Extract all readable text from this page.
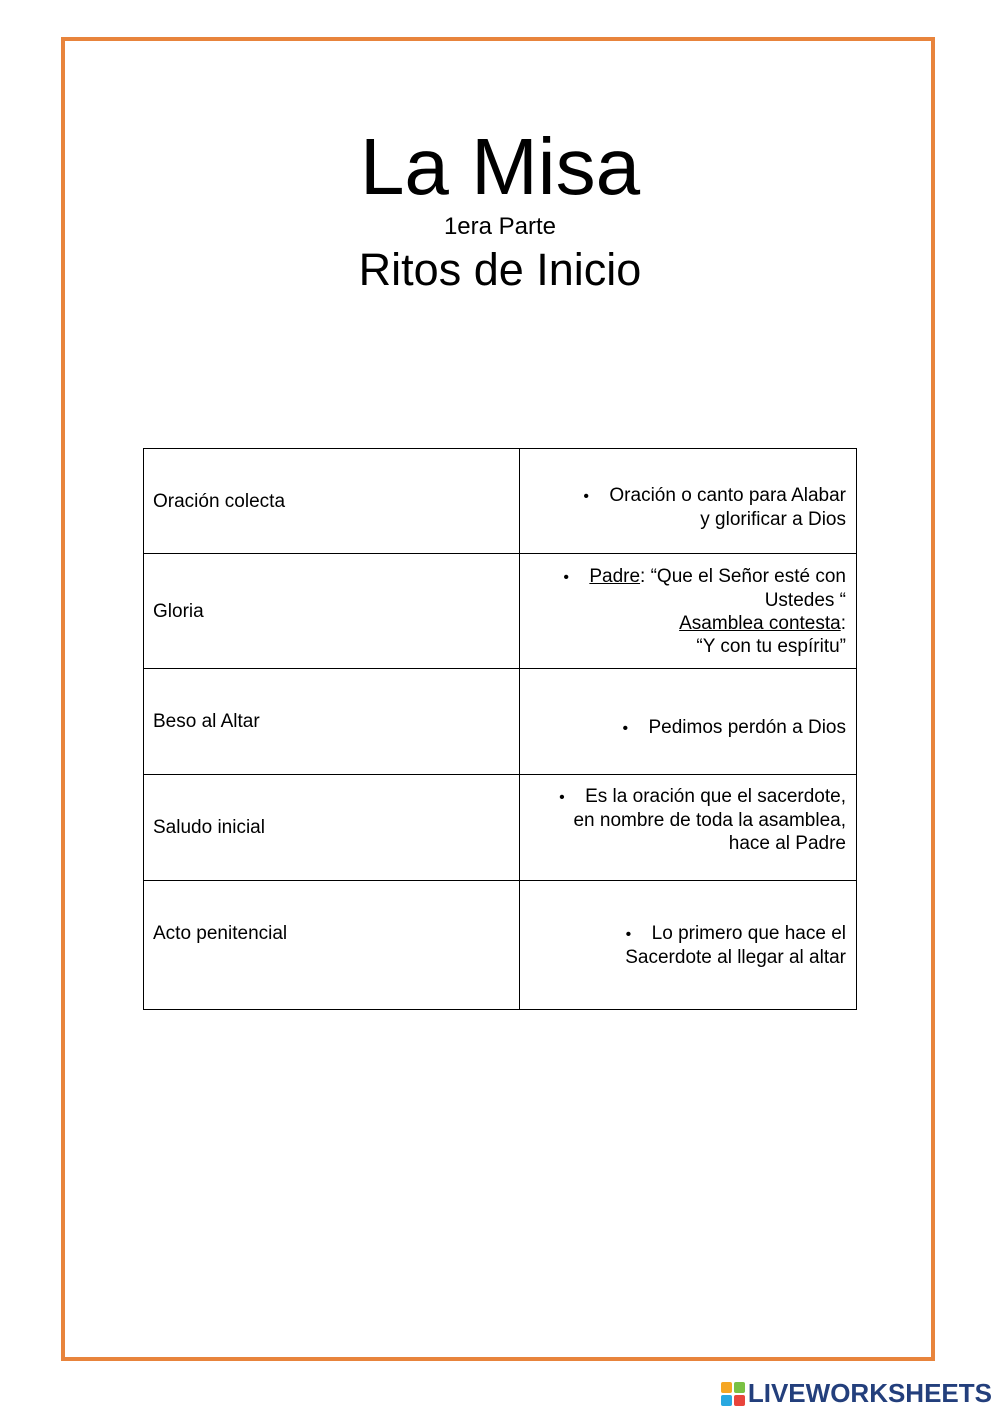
La Misa
1era Parte
Ritos de Inicio
Oración colecta	• Oración o canto para Alabar
y glorificar a Dios

Gloria	• Padre: “Que el Señor esté con
Ustedes “
Asamblea contesta:
“Y con tu espíritu”

Beso al Altar	• Pedimos perdón a Dios

Saludo inicial	• Es la oración que el sacerdote,
en nombre de toda la asamblea,
hace al Padre

Acto penitencial	• Lo primero que hace el
Sacerdote al llegar al altar
LIVEWORKSHEETS
